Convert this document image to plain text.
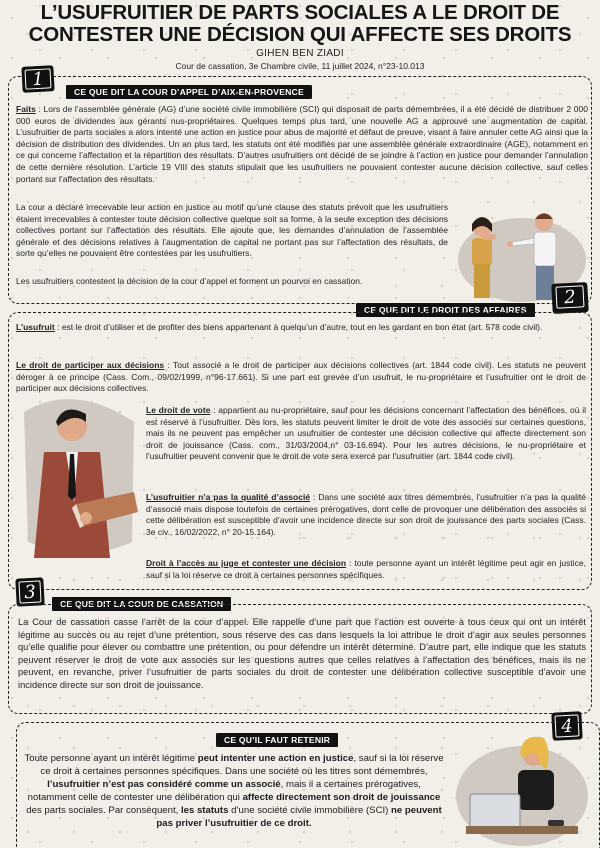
L’USUFRUITIER DE PARTS SOCIALES A LE DROIT DE
CONTESTER UNE DÉCISION QUI AFFECTE SES DROITS
GIHEN BEN ZIADI
Cour de cassation, 3e Chambre civile, 11 juillet 2024, n°23-10.013
1
CE QUE DIT LA COUR D’APPEL D’AIX-EN-PROVENCE
Faits : Lors de l’assemblée générale (AG) d’une société civile immobilière (SCI) qui disposait de parts démembrées, il a été décidé de distribuer 2 000 000 euros de dividendes aux gérants nus-propriétaires. Quelques temps plus tard, une nouvelle AG a approuvé une augmentation de capital. L’usufruitier de parts sociales a alors intenté une action en justice pour abus de majorité et défaut de preuve, visant à faire annuler cette AG ainsi que la décision de distribution des dividendes. Un an plus tard, les statuts ont été modifiés par une assemblée générale extraordinaire (AGE), notamment en ce qui concerne l’affectation et la répartition des résultats. D’autres usufruitiers ont décidé de se joindre à l’action en justice pour demander l’annulation de cette dernière résolution. L’article 19 VIII des statuts stipulait que les usufruitiers ne pouvaient contester aucune décision collective, sauf celles portant sur l’affectation des résultats.
La cour a déclaré irrecevable leur action en justice au motif qu’une clause des statuts prévoit que les usufruitiers étaient irrecevables à contester toute décision collective quelque soit sa forme, à la seule exception des décisions collectives portant sur l’affectation des résultats. Elle ajoute que, les demandes d’annulation de l’assemblée générale et des décisions relatives à l’augmentation de capital ne portant pas sur l’affectation des résultats, de sorte qu’elles ne pouvaient être contestées par les usufruitiers.
Les usufruitiers contestent la décision de la cour d’appel et forment un pourvoi en cassation.
2
CE QUE DIT LE DROIT DES AFFAIRES
L’usufruit : est le droit d’utiliser et de profiter des biens appartenant à quelqu’un d’autre, tout en les gardant en bon état (art. 578 code civil).
Le droit de participer aux décisions : Tout associé a le droit de participer aux décisions collectives (art. 1844 code civil). Les statuts ne peuvent déroger à ce principe (Cass. Com., 09/02/1999, n°96-17.661). Si une part est grevée d’un usufruit, le nu-propriétaire et l’usufruitier ont le droit de participer aux décisions collectives.
Le droit de vote : appartient au nu-propriétaire, sauf pour les décisions concernant l’affectation des bénéfices, où il est réservé à l’usufruitier. Dès lors, les statuts peuvent limiter le droit de vote des associés sur certaines questions, mais ils ne peuvent pas empêcher un usufruitier de contester une décision collective qui affecte directement son droit de jouissance (Cass. com., 31/03/2004,n° 03-16.694). Pour les autres décisions, le nu-propriétaire et l’usufruitier peuvent convenir que le droit de vote sera exercé par l’usufruitier (art. 1844 code civil).
L’usufruitier n’a pas la qualité d’associé : Dans une société aux titres démembrés, l’usufruitier n’a pas la qualité d’associé mais dispose toutefois de certaines prérogatives, dont celle de provoquer une délibération des associés si cette délibération est susceptible d’avoir une incidence directe sur son droit de jouissance des parts sociales (Cass. 3e civ., 16/02/2022, n° 20-15.164).
Droit à l’accès au juge et contester une décision : toute personne ayant un intérêt légitime peut agir en justice, sauf si la loi réserve ce droit à certaines personnes spécifiques.
3
CE QUE DIT LA COUR DE CASSATION
La Cour de cassation casse l’arrêt de la cour d’appel. Elle rappelle d’une part que l’action est ouverte à tous ceux qui ont un intérêt légitime au succès ou au rejet d’une prétention, sous réserve des cas dans lesquels la loi attribue le droit d’agir aux seules personnes qu’elle qualifie pour élever ou combattre une prétention, ou pour défendre un intérêt déterminé. D’autre part, elle indique que les statuts peuvent réserver le droit de vote aux associés sur les questions autres que celles relatives à l’affectation des bénéfices, mais ils ne peuvent, en revanche, priver l’usufruitier de parts sociales du droit de contester une délibération collective susceptible d’avoir une incidence directe sur son droit de jouissance.
4
CE QU’IL FAUT RETENIR
Toute personne ayant un intérêt légitime peut intenter une action en justice, sauf si la loi réserve ce droit à certaines personnes spécifiques. Dans une société où les titres sont démembrés, l’usufruitier n’est pas considéré comme un associé, mais il a certaines prérogatives, notamment celle de contester une délibération qui affecte directement son droit de jouissance des parts sociales. Par conséquent, les statuts d’une société civile immobilière (SCI) ne peuvent pas priver l’usufruitier de ce droit.
